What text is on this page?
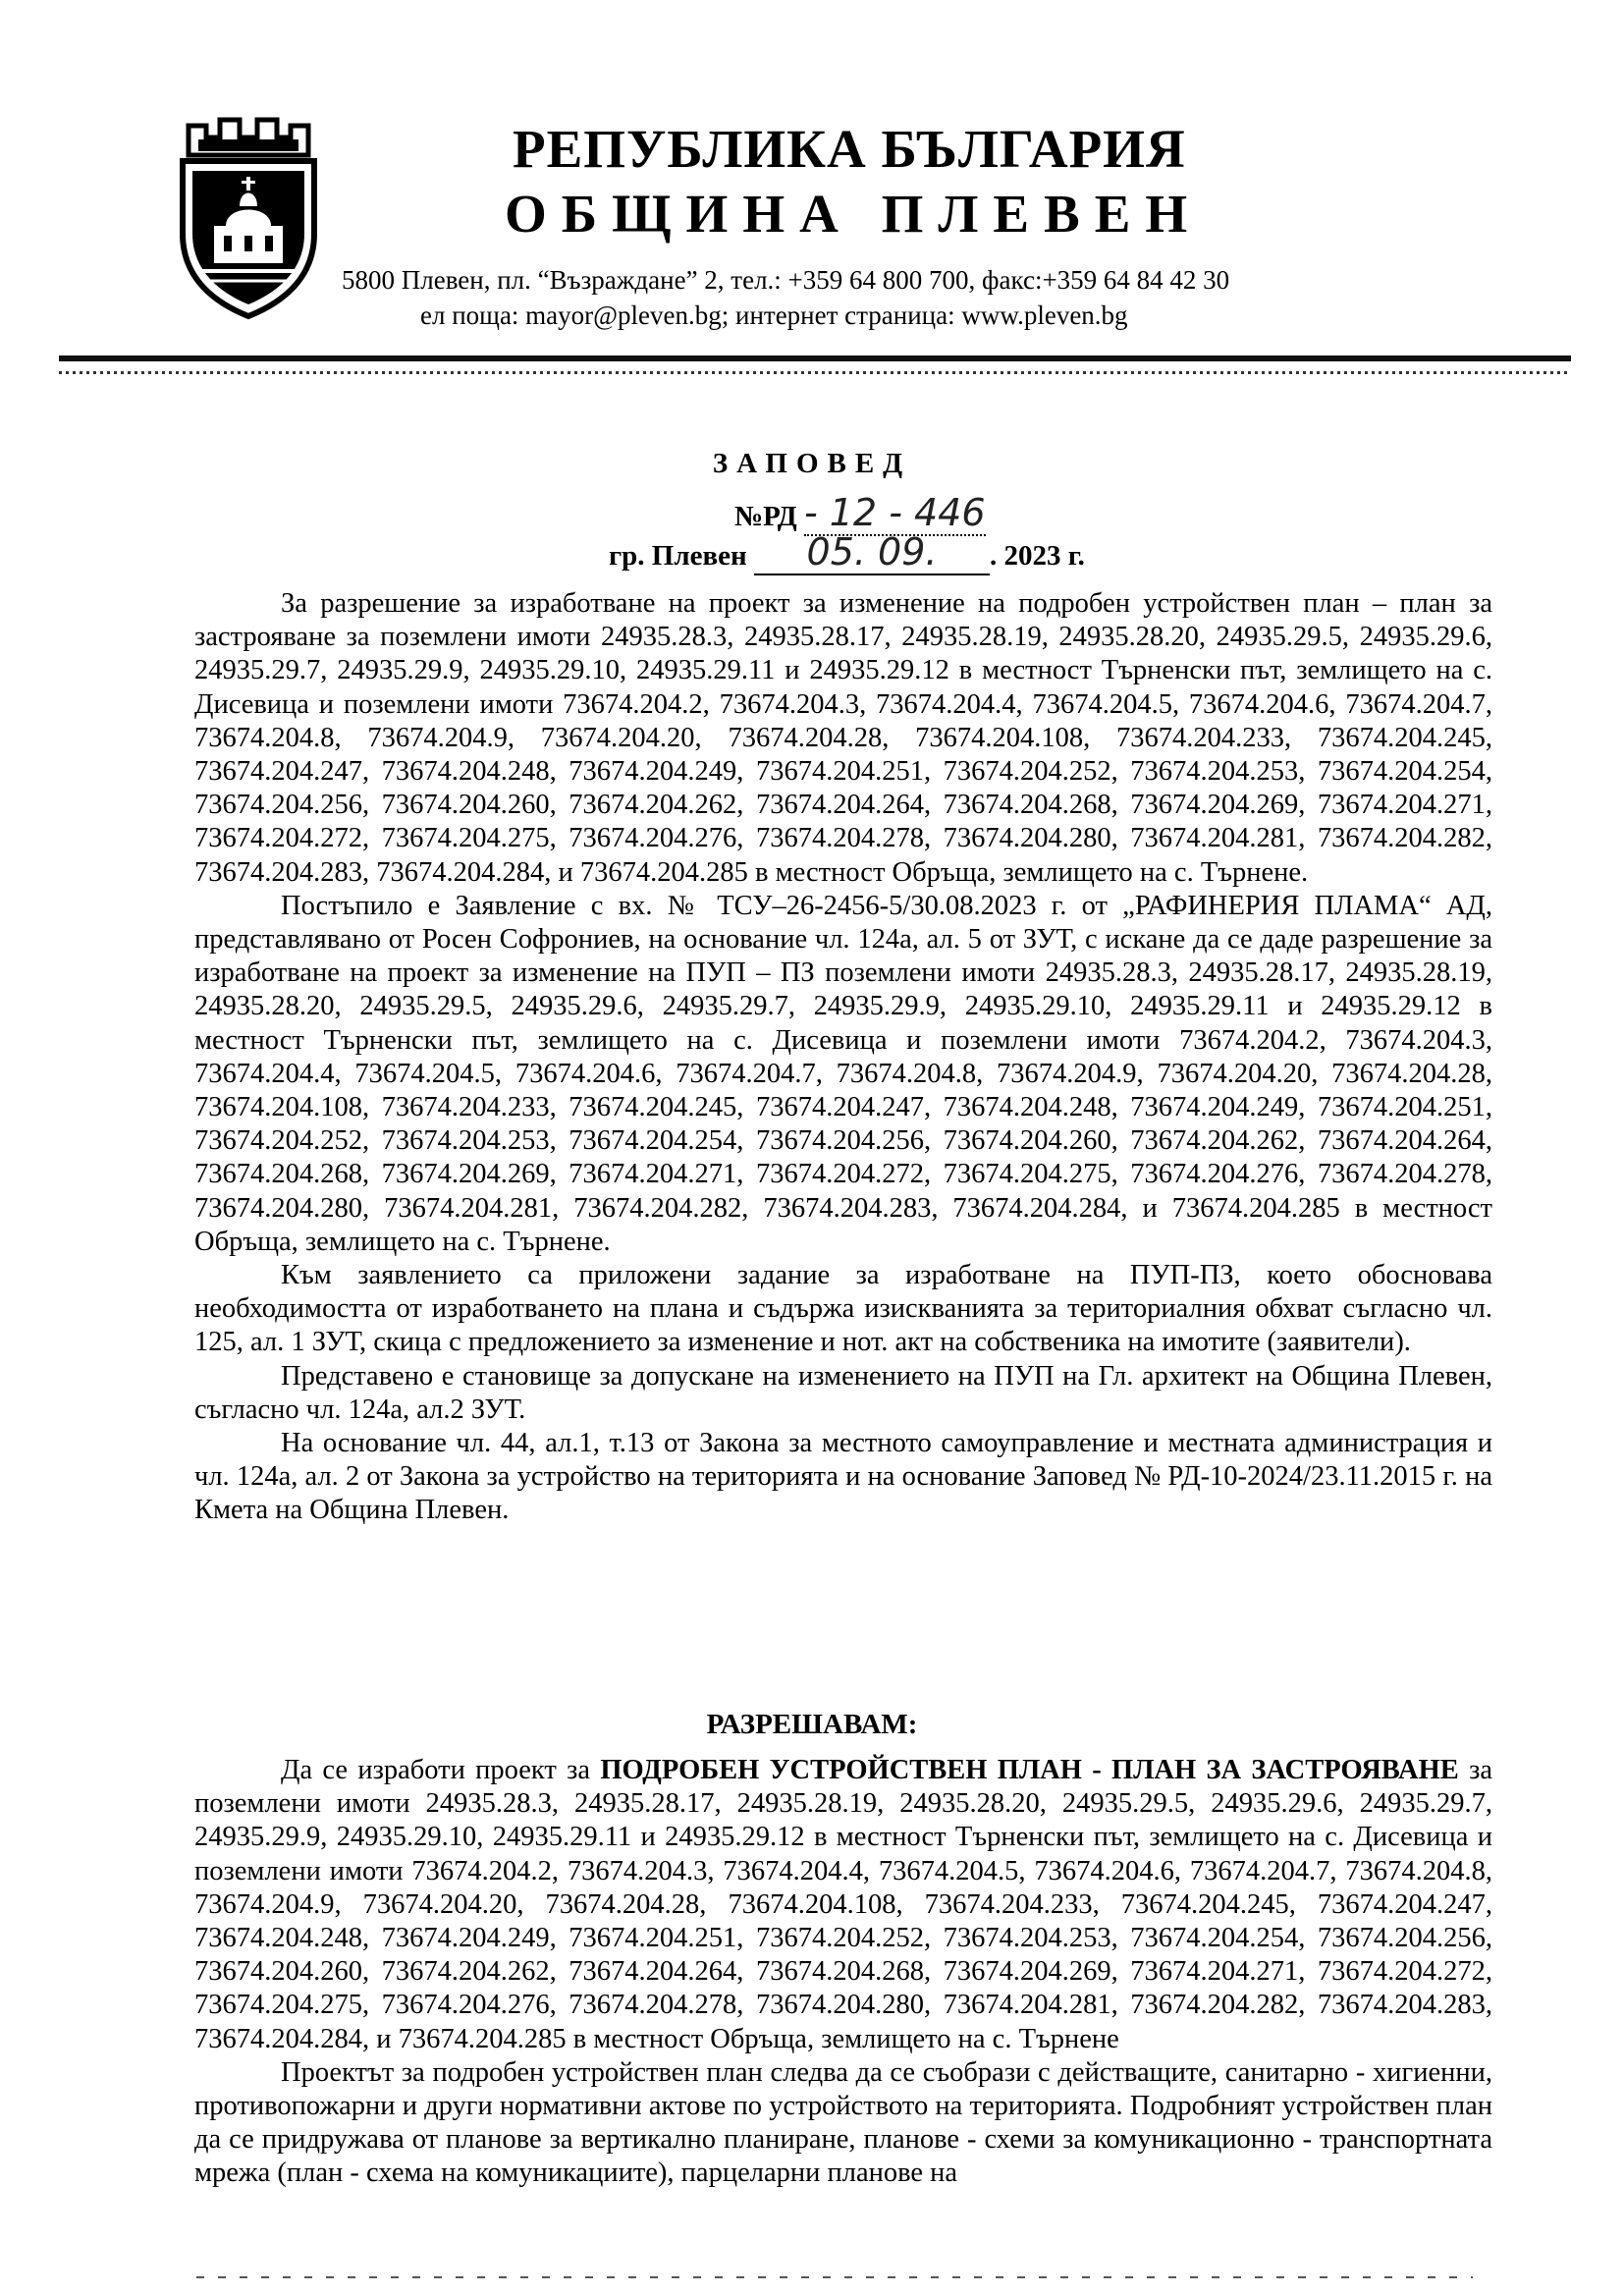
РЕПУБЛИКА БЪЛГАРИЯ
ОБЩИНА ПЛЕВЕН
5800 Плевен, пл. “Възраждане” 2, тел.: +359 64 800 700, факс:+359 64 84 42 30
ел поща: mayor@pleven.bg; интернет страница: www.pleven.bg
ЗАПОВЕД
№РД - 12 - 446
гр. Плевен 05. 09. . 2023 г.

За разрешение за изработване на проект за изменение на подробен устройствен план – план за застрояване за поземлени имоти 24935.28.3, 24935.28.17, 24935.28.19, 24935.28.20, 24935.29.5, 24935.29.6, 24935.29.7, 24935.29.9, 24935.29.10, 24935.29.11 и 24935.29.12 в местност Търненски път, землището на с. Дисевица и поземлени имоти 73674.204.2, 73674.204.3, 73674.204.4, 73674.204.5, 73674.204.6, 73674.204.7, 73674.204.8, 73674.204.9, 73674.204.20, 73674.204.28, 73674.204.108, 73674.204.233, 73674.204.245, 73674.204.247, 73674.204.248, 73674.204.249, 73674.204.251, 73674.204.252, 73674.204.253, 73674.204.254, 73674.204.256, 73674.204.260, 73674.204.262, 73674.204.264, 73674.204.268, 73674.204.269, 73674.204.271, 73674.204.272, 73674.204.275, 73674.204.276, 73674.204.278, 73674.204.280, 73674.204.281, 73674.204.282, 73674.204.283, 73674.204.284, и 73674.204.285 в местност Обръща, землището на с. Търнене.

Постъпило е Заявление с вх. № ТСУ–26-2456-5/30.08.2023 г. от „РАФИНЕРИЯ ПЛАМА“ АД, представлявано от Росен Софрониев, на основание чл. 124а, ал. 5 от ЗУТ, с искане да се даде разрешение за изработване на проект за изменение на ПУП – ПЗ поземлени имоти 24935.28.3, 24935.28.17, 24935.28.19, 24935.28.20, 24935.29.5, 24935.29.6, 24935.29.7, 24935.29.9, 24935.29.10, 24935.29.11 и 24935.29.12 в местност Търненски път, землището на с. Дисевица и поземлени имоти 73674.204.2, 73674.204.3, 73674.204.4, 73674.204.5, 73674.204.6, 73674.204.7, 73674.204.8, 73674.204.9, 73674.204.20, 73674.204.28, 73674.204.108, 73674.204.233, 73674.204.245, 73674.204.247, 73674.204.248, 73674.204.249, 73674.204.251, 73674.204.252, 73674.204.253, 73674.204.254, 73674.204.256, 73674.204.260, 73674.204.262, 73674.204.264, 73674.204.268, 73674.204.269, 73674.204.271, 73674.204.272, 73674.204.275, 73674.204.276, 73674.204.278, 73674.204.280, 73674.204.281, 73674.204.282, 73674.204.283, 73674.204.284, и 73674.204.285 в местност Обръща, землището на с. Търнене.

Към заявлението са приложени задание за изработване на ПУП-ПЗ, което обосновава необходимостта от изработването на плана и съдържа изискванията за териториалния обхват съгласно чл. 125, ал. 1 ЗУТ, скица с предложението за изменение и нот. акт на собственика на имотите (заявители).

Представено е становище за допускане на изменението на ПУП на Гл. архитект на Община Плевен, съгласно чл. 124а, ал.2 ЗУТ.

На основание чл. 44, ал.1, т.13 от Закона за местното самоуправление и местната администрация и чл. 124а, ал. 2 от Закона за устройство на територията и на основание Заповед № РД-10-2024/23.11.2015 г. на Кмета на Община Плевен.

РАЗРЕШАВАМ:

Да се изработи проект за ПОДРОБЕН УСТРОЙСТВЕН ПЛАН - ПЛАН ЗА ЗАСТРОЯВАНЕ за поземлени имоти 24935.28.3, 24935.28.17, 24935.28.19, 24935.28.20, 24935.29.5, 24935.29.6, 24935.29.7, 24935.29.9, 24935.29.10, 24935.29.11 и 24935.29.12 в местност Търненски път, землището на с. Дисевица и поземлени имоти 73674.204.2, 73674.204.3, 73674.204.4, 73674.204.5, 73674.204.6, 73674.204.7, 73674.204.8, 73674.204.9, 73674.204.20, 73674.204.28, 73674.204.108, 73674.204.233, 73674.204.245, 73674.204.247, 73674.204.248, 73674.204.249, 73674.204.251, 73674.204.252, 73674.204.253, 73674.204.254, 73674.204.256, 73674.204.260, 73674.204.262, 73674.204.264, 73674.204.268, 73674.204.269, 73674.204.271, 73674.204.272, 73674.204.275, 73674.204.276, 73674.204.278, 73674.204.280, 73674.204.281, 73674.204.282, 73674.204.283, 73674.204.284, и 73674.204.285 в местност Обръща, землището на с. Търнене

Проектът за подробен устройствен план следва да се съобрази с действащите, санитарно - хигиенни, противопожарни и други нормативни актове по устройството на територията. Подробният устройствен план да се придружава от планове за вертикално планиране, планове - схеми за комуникационно - транспортната мрежа (план - схема на комуникациите), парцеларни планове на
